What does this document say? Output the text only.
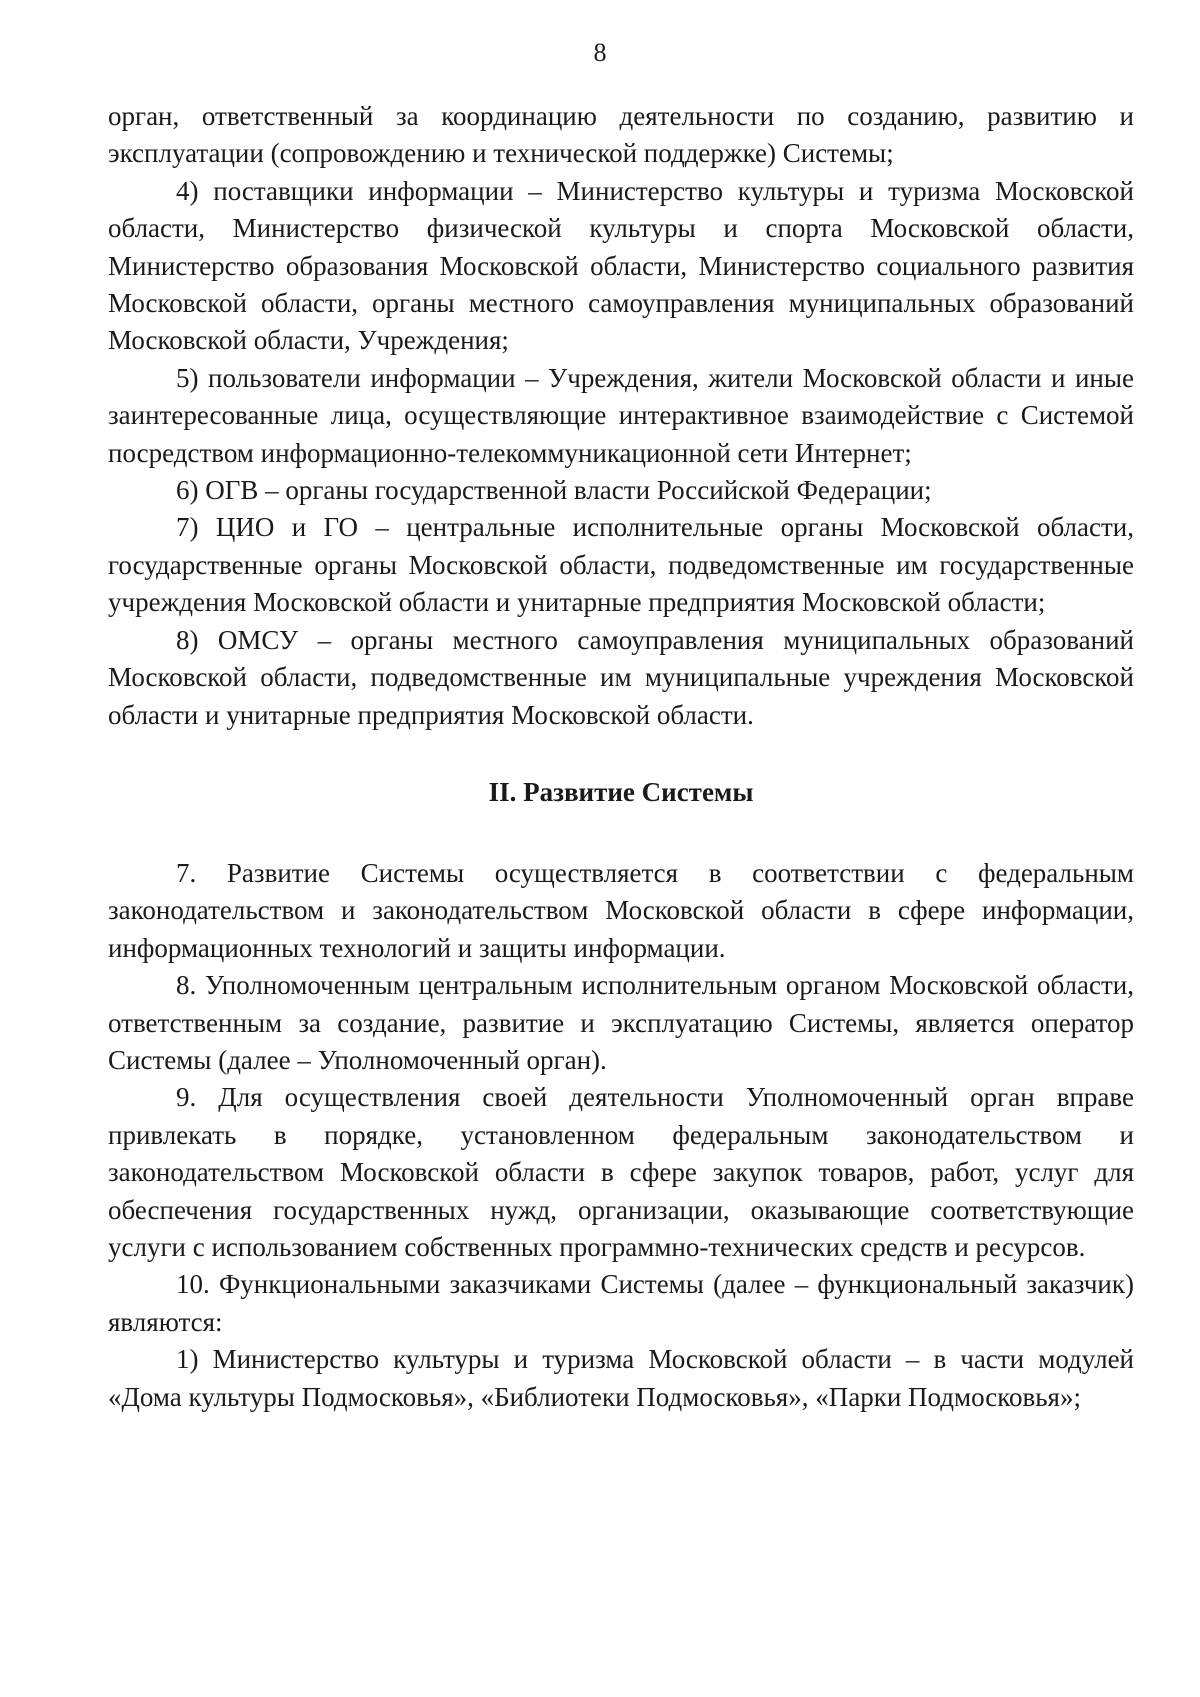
8

орган, ответственный за координацию деятельности по созданию, развитию и эксплуатации (сопровождению и технической поддержке) Системы;

4) поставщики информации – Министерство культуры и туризма Московской области, Министерство физической культуры и спорта Московской области, Министерство образования Московской области, Министерство социального развития Московской области, органы местного самоуправления муниципальных образований Московской области, Учреждения;

5) пользователи информации – Учреждения, жители Московской области и иные заинтересованные лица, осуществляющие интерактивное взаимодействие с Системой посредством информационно-телекоммуникационной сети Интернет;

6) ОГВ – органы государственной власти Российской Федерации;

7) ЦИО и ГО – центральные исполнительные органы Московской области, государственные органы Московской области, подведомственные им государственные учреждения Московской области и унитарные предприятия Московской области;

8) ОМСУ – органы местного самоуправления муниципальных образований Московской области, подведомственные им муниципальные учреждения Московской области и унитарные предприятия Московской области.

II. Развитие Системы

7. Развитие Системы осуществляется в соответствии с федеральным законодательством и законодательством Московской области в сфере информации, информационных технологий и защиты информации.

8. Уполномоченным центральным исполнительным органом Московской области, ответственным за создание, развитие и эксплуатацию Системы, является оператор Системы (далее – Уполномоченный орган).

9. Для осуществления своей деятельности Уполномоченный орган вправе привлекать в порядке, установленном федеральным законодательством и законодательством Московской области в сфере закупок товаров, работ, услуг для обеспечения государственных нужд, организации, оказывающие соответствующие услуги с использованием собственных программно-технических средств и ресурсов.

10. Функциональными заказчиками Системы (далее – функциональный заказчик) являются:

1) Министерство культуры и туризма Московской области – в части модулей «Дома культуры Подмосковья», «Библиотеки Подмосковья», «Парки Подмосковья»;
